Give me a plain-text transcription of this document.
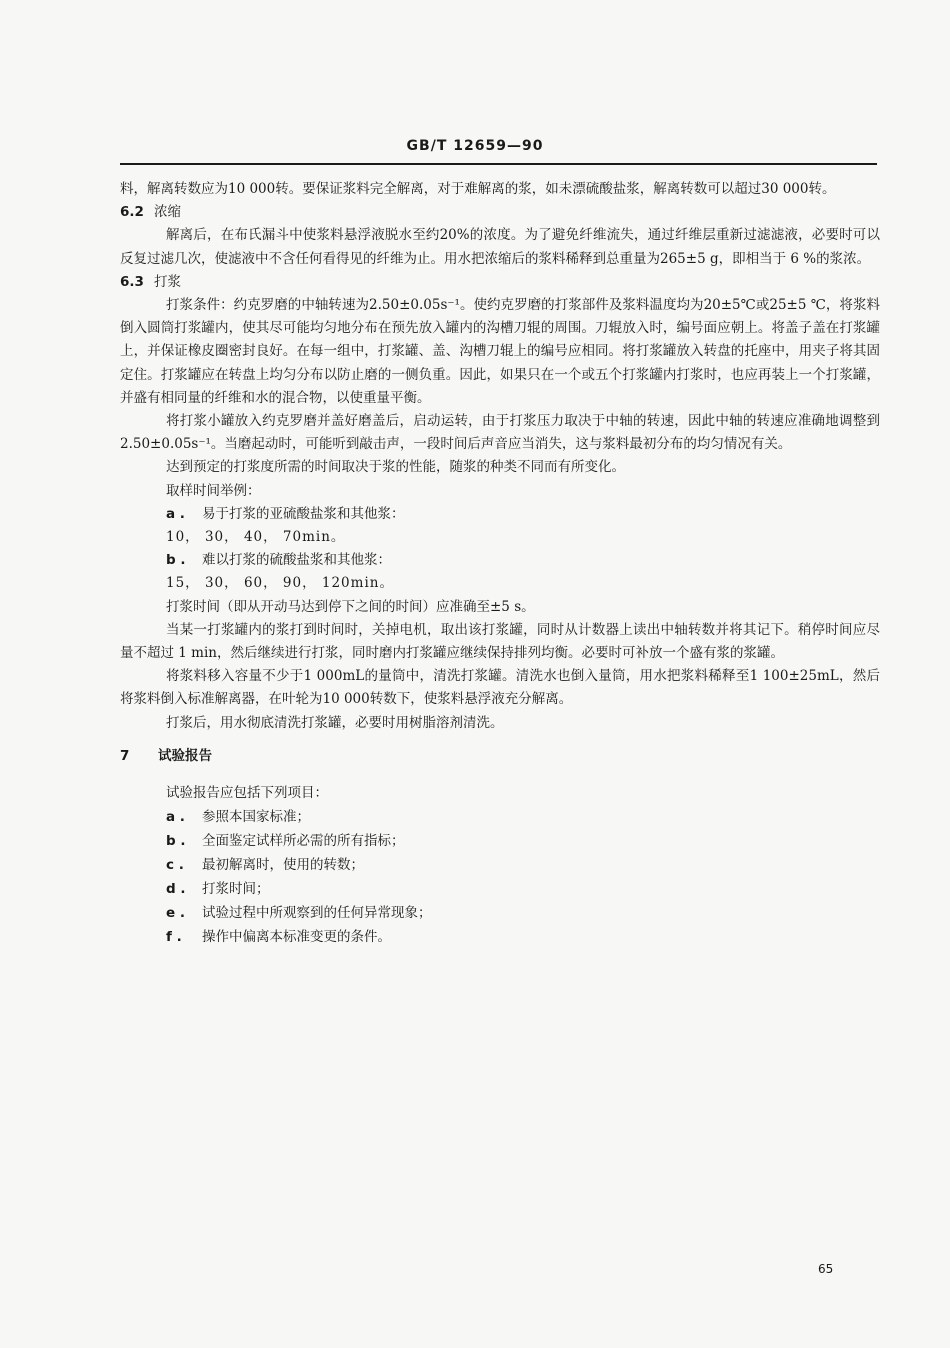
GB/T 12659—90

料，解离转数应为10 000转。要保证浆料完全解离，对于难解离的浆，如未漂硫酸盐浆，解离转数可以超过30 000转。

6.2 浓缩

解离后，在布氏漏斗中使浆料悬浮液脱水至约20%的浓度。为了避免纤维流失，通过纤维层重新过滤滤液，必要时可以反复过滤几次，使滤液中不含任何看得见的纤维为止。用水把浓缩后的浆料稀释到总重量为265±5 g，即相当于 6 %的浆浓。

6.3 打浆

打浆条件：约克罗磨的中轴转速为2.50±0.05s⁻¹。使约克罗磨的打浆部件及浆料温度均为20±5℃或25±5 ℃，将浆料倒入圆筒打浆罐内，使其尽可能均匀地分布在预先放入罐内的沟槽刀辊的周围。刀辊放入时，编号面应朝上。将盖子盖在打浆罐上，并保证橡皮圈密封良好。在每一组中，打浆罐、盖、沟槽刀辊上的编号应相同。将打浆罐放入转盘的托座中，用夹子将其固定住。打浆罐应在转盘上均匀分布以防止磨的一侧负重。因此，如果只在一个或五个打浆罐内打浆时，也应再装上一个打浆罐，并盛有相同量的纤维和水的混合物，以使重量平衡。

将打浆小罐放入约克罗磨并盖好磨盖后，启动运转，由于打浆压力取决于中轴的转速，因此中轴的转速应准确地调整到2.50±0.05s⁻¹。当磨起动时，可能听到敲击声，一段时间后声音应当消失，这与浆料最初分布的均匀情况有关。

达到预定的打浆度所需的时间取决于浆的性能，随浆的种类不同而有所变化。

取样时间举例：

a . 易于打浆的亚硫酸盐浆和其他浆：

10， 30， 40， 70min。

b . 难以打浆的硫酸盐浆和其他浆：

15， 30， 60， 90， 120min。

打浆时间（即从开动马达到停下之间的时间）应准确至±5 s。

当某一打浆罐内的浆打到时间时，关掉电机，取出该打浆罐，同时从计数器上读出中轴转数并将其记下。稍停时间应尽量不超过 1 min，然后继续进行打浆，同时磨内打浆罐应继续保持排列均衡。必要时可补放一个盛有浆的浆罐。

将浆料移入容量不少于1 000mL的量筒中，清洗打浆罐。清洗水也倒入量筒，用水把浆料稀释至1 100±25mL，然后将浆料倒入标准解离器，在叶轮为10 000转数下，使浆料悬浮液充分解离。

打浆后，用水彻底清洗打浆罐，必要时用树脂溶剂清洗。

7 试验报告

试验报告应包括下列项目：

a . 参照本国家标准；

b . 全面鉴定试样所必需的所有指标；

c . 最初解离时，使用的转数；

d . 打浆时间；

e . 试验过程中所观察到的任何异常现象；

f . 操作中偏离本标准变更的条件。

65
